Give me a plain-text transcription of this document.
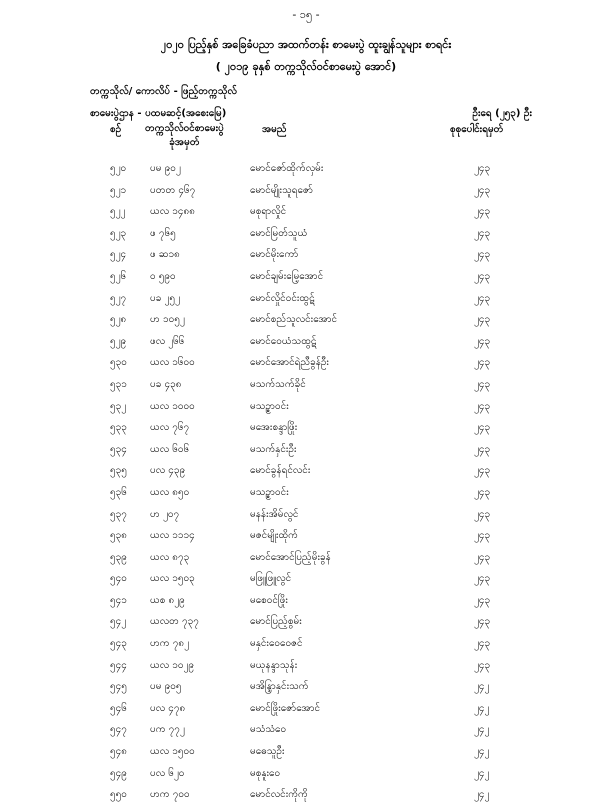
- ၁၅ -
၂၀၂၀ ပြည့်နှစ် အခြေခံပညာ အထက်တန်း စာမေးပွဲ ထူးချွန်သူများ စာရင်း
( ၂၀၁၉ ခုနှစ် တက္ကသိုလ်ဝင်စာမေးပွဲ အောင်)
တက္ကသိုလ်/ ကောလိပ် - ဖြည့်တက္ကသိုလ်
စာမေးပွဲဌာန - ပထမဆင့်(အစေးမြေ)	ဦးရေ (၂၅၃) ဦး
စဉ် တက္ကသိုလ်ဝင်စာမေးပွဲ
ခုံအမှတ်
အမည်	စုစုပေါင်းရမှတ်
၅၂၀ ပမ ၉၀၂	မောင်ဇော်ထိုက်လှမ်း	၂၄၃
၅၂၁ ပတတ ၄၆၇	မောင်မျိုးသူရဇော်	၂၄၃
၅၂၂ ယလ ၁၄၈၈	မစုရာလှိုင်	၂၄၃
၅၂၃ ဖ ၇၆၅	မောင်မြတ်သူယံ	၂၄၃
၅၂၄ ဖ ဆ၁၈	မောင်မိုးကော်	၂၄၃
၅၂၆ ဝ ၅၉၀	မောင်ချမ်းမြေ့အောင်	၂၄၃
၅၂၇ ပခ ၂၅၂	မောင်လှိုင်ဝင်းထွဋ်	၂၄၃
၅၂၈ ဟ ၁၀၅၂	မောင်စည်သူလင်းအောင်	၂၄၃
၅၂၉ ဖလ ၂၆၆	မောင်ဝေယံသထွဋ်	၂၄၃
၅၃၀ ယလ ၁၆၀၀	မောင်အောင်ရဲညီခွန်ဦး	၂၄၃
၅၃၁ ပခ ၄၃၈	မသက်သက်ခိုင်	၂၄၃
၅၃၂ ယလ ၁၀၀၀	မသဉ္စာဝင်း	၂၄၃
၅၃၃ ယလ ၇၆၇	မအေးစန္ဒာဖြိုး	၂၄၃
၅၃၄ ယလ ၆၀၆	မသက်နှင်းဦး	၂၄၃
၅၃၅ ပလ ၄၃၉	မောင်ခွန်ရင်လင်း	၂၄၃
၅၃၆ ယလ ၈၅၀	မသဉ္စာဝင်း	၂၄၃
၅၃၇ ဟ ၂၀၇	မနန်းအိမ်လွင်	၂၄၃
၅၃၈ ယလ ၁၁၁၄	မဇင်မျိုးထိုက်	၂၄၃
၅၃၉ ယလ ၈၇၃	မောင်အောင်ပြည့်မိုးခွန်	၂၄၃
၅၄၀ ယလ ၁၅၀၃	မဖြူဖြူလွင်	၂၄၃
၅၄၁ ယစ ၈၂၉	မစေဝင်ဖြိုး	၂၄၃
၅၄၂ ယလတ ၇၃၇	မောင်ပြည့်စွမ်း	၂၄၃
၅၄၃ ဟက ၇၈၂	မနှင်းဝေဝေဇင်	၂၄၃
၅၄၄ ယလ ၁၀၂၉	မယုနန္ဒာသုန်း	၂၄၃
၅၄၅ ပမ ၉၀၅	မအိန္ဒြာနှင်းသက်	၂၄၂
၅၄၆ ပလ ၄၇၈	မောင်ဖြိုးဇော်အောင်	၂၄၂
၅၄၇ ပက ၇၇၂	မသံသံဝေ	၂၄၂
၅၄၈ ယလ ၁၅၀၀	မဓေသူဦး	၂၄၂
၅၄၉ ပလ ၆၂၀	မစုနူးဝေ	၂၄၂
၅၅၀ ဟက ၇၀၀	မောင်လင်းကိုကို	၂၄၂
